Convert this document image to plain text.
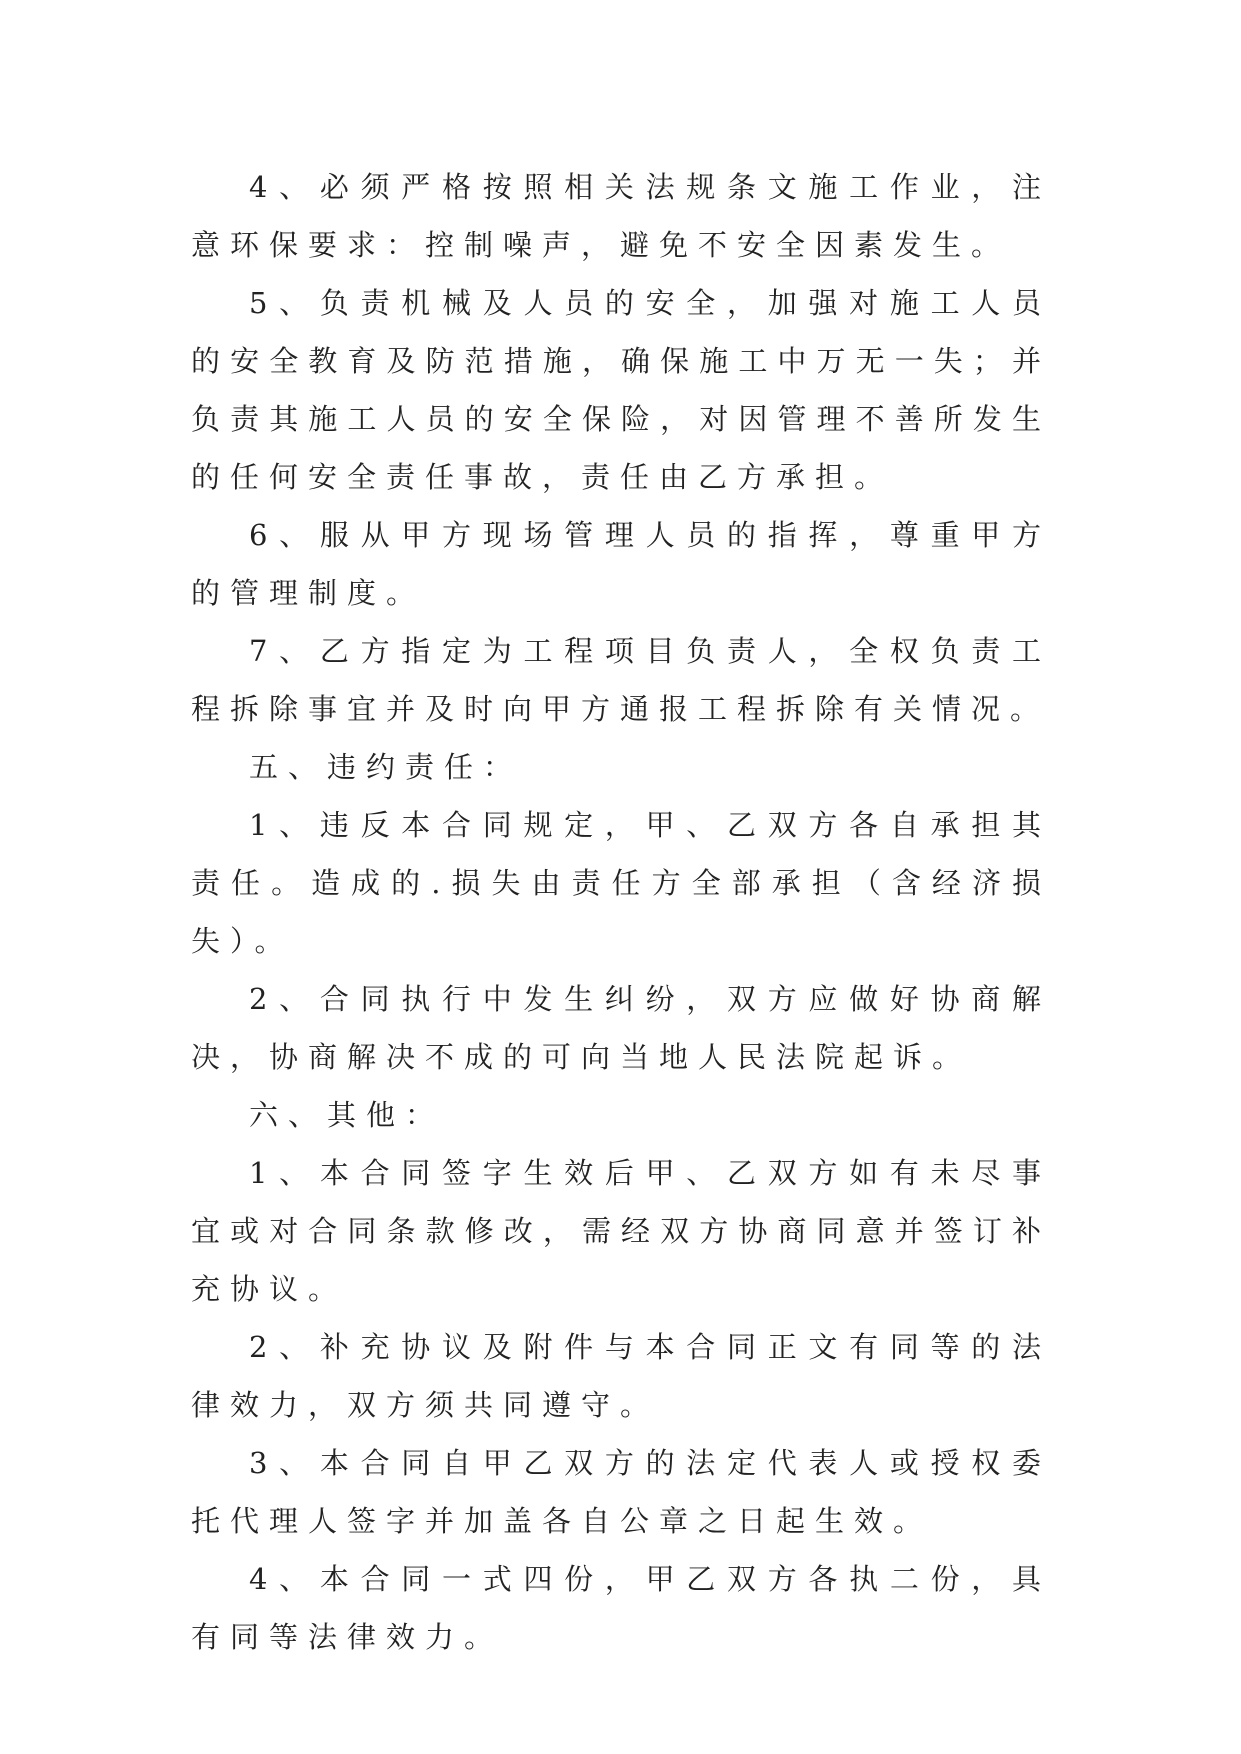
4、必须严格按照相关法规条文施工作业，注意环保要求：控制噪声，避免不安全因素发生。

5、负责机械及人员的安全，加强对施工人员的安全教育及防范措施，确保施工中万无一失；并负责其施工人员的安全保险，对因管理不善所发生的任何安全责任事故，责任由乙方承担。

6、服从甲方现场管理人员的指挥，尊重甲方的管理制度。

7、乙方指定为工程项目负责人，全权负责工程拆除事宜并及时向甲方通报工程拆除有关情况。

五、违约责任：

1、违反本合同规定，甲、乙双方各自承担其责任。造成的.损失由责任方全部承担（含经济损失）。

2、合同执行中发生纠纷，双方应做好协商解决，协商解决不成的可向当地人民法院起诉。

六、其他：

1、本合同签字生效后甲、乙双方如有未尽事宜或对合同条款修改，需经双方协商同意并签订补充协议。

2、补充协议及附件与本合同正文有同等的法律效力，双方须共同遵守。

3、本合同自甲乙双方的法定代表人或授权委托代理人签字并加盖各自公章之日起生效。

4、本合同一式四份，甲乙双方各执二份，具有同等法律效力。
